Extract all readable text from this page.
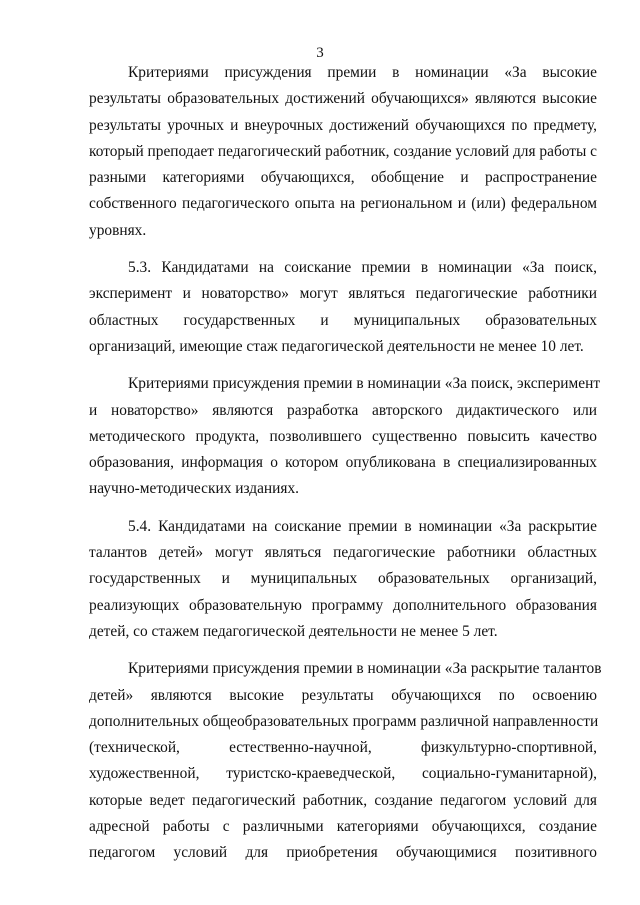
3
Критериями присуждения премии в номинации «За высокие
результаты образовательных достижений обучающихся» являются высокие
результаты урочных и внеурочных достижений обучающихся по предмету,
который преподает педагогический работник, создание условий для работы с
разными категориями обучающихся, обобщение и распространение
собственного педагогического опыта на региональном и (или) федеральном
уровнях.
5.3. Кандидатами на соискание премии в номинации «За поиск,
эксперимент и новаторство» могут являться педагогические работники
областных государственных и муниципальных образовательных
организаций, имеющие стаж педагогической деятельности не менее 10 лет.
Критериями присуждения премии в номинации «За поиск, эксперимент
и новаторство» являются разработка авторского дидактического или
методического продукта, позволившего существенно повысить качество
образования, информация о котором опубликована в специализированных
научно-методических изданиях.
5.4. Кандидатами на соискание премии в номинации «За раскрытие
талантов детей» могут являться педагогические работники областных
государственных и муниципальных образовательных организаций,
реализующих образовательную программу дополнительного образования
детей, со стажем педагогической деятельности не менее 5 лет.
Критериями присуждения премии в номинации «За раскрытие талантов
детей» являются высокие результаты обучающихся по освоению
дополнительных общеобразовательных программ различной направленности
(технической, естественно-научной, физкультурно-спортивной,
художественной, туристско-краеведческой, социально-гуманитарной),
которые ведет педагогический работник, создание педагогом условий для
адресной работы с различными категориями обучающихся, создание
педагогом условий для приобретения обучающимися позитивного
